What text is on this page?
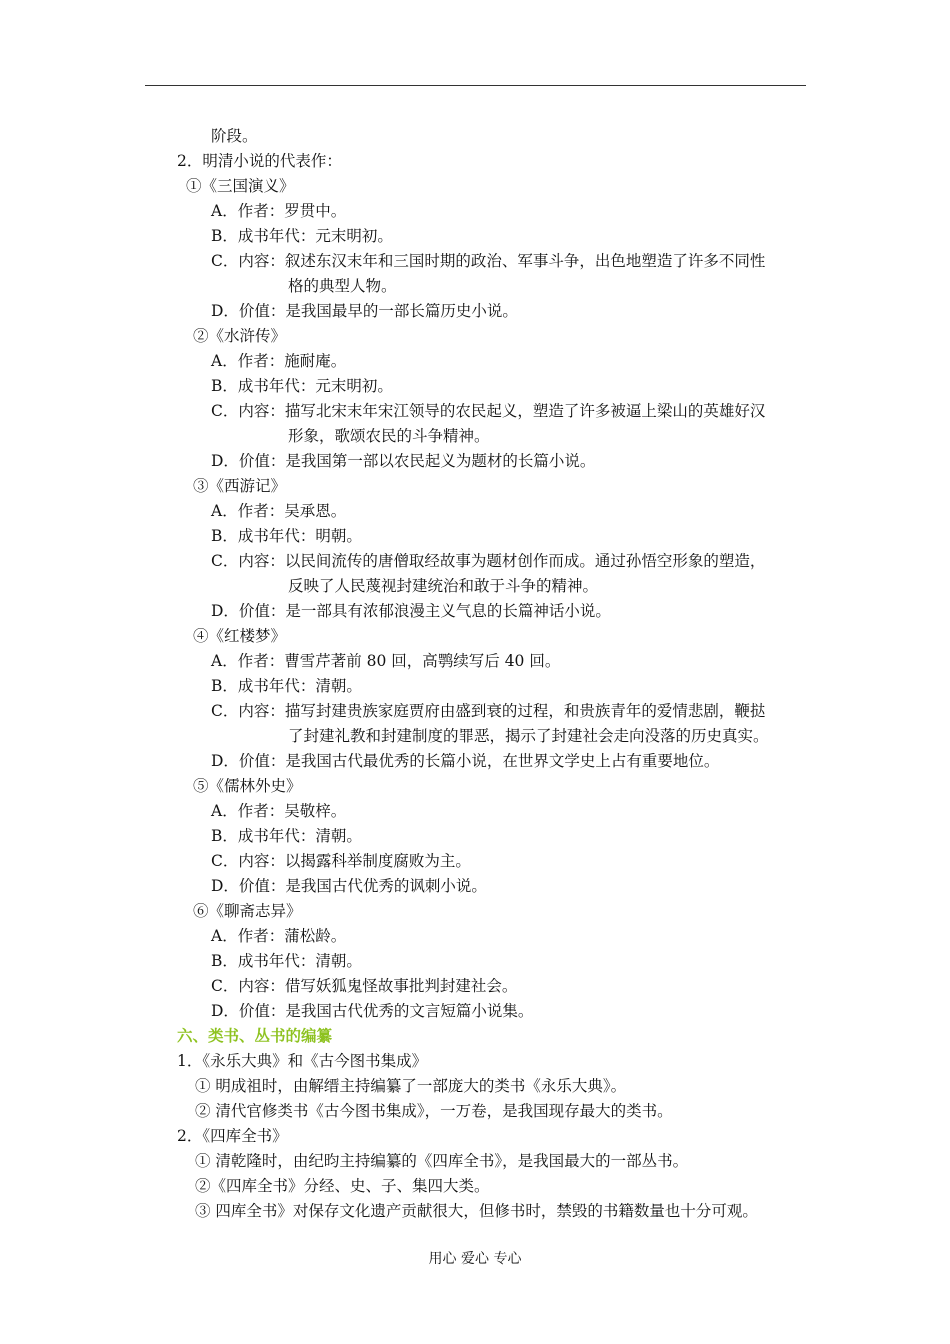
阶段。
2．明清小说的代表作：
①《三国演义》
A．作者：罗贯中。
B．成书年代：元末明初。
C．内容：叙述东汉末年和三国时期的政治、军事斗争，出色地塑造了许多不同性
格的典型人物。
D．价值：是我国最早的一部长篇历史小说。
②《水浒传》
A．作者：施耐庵。
B．成书年代：元末明初。
C．内容：描写北宋末年宋江领导的农民起义，塑造了许多被逼上梁山的英雄好汉
形象，歌颂农民的斗争精神。
D．价值：是我国第一部以农民起义为题材的长篇小说。
③《西游记》
A．作者：吴承恩。
B．成书年代：明朝。
C．内容：以民间流传的唐僧取经故事为题材创作而成。通过孙悟空形象的塑造，
反映了人民蔑视封建统治和敢于斗争的精神。
D．价值：是一部具有浓郁浪漫主义气息的长篇神话小说。
④《红楼梦》
A．作者：曹雪芹著前 80 回，高鹗续写后 40 回。
B．成书年代：清朝。
C．内容：描写封建贵族家庭贾府由盛到衰的过程，和贵族青年的爱情悲剧，鞭挞
了封建礼教和封建制度的罪恶，揭示了封建社会走向没落的历史真实。
D．价值：是我国古代最优秀的长篇小说，在世界文学史上占有重要地位。
⑤《儒林外史》
A．作者：吴敬梓。
B．成书年代：清朝。
C．内容：以揭露科举制度腐败为主。
D．价值：是我国古代优秀的讽刺小说。
⑥《聊斋志异》
A．作者：蒲松龄。
B．成书年代：清朝。
C．内容：借写妖狐鬼怪故事批判封建社会。
D．价值：是我国古代优秀的文言短篇小说集。
六、类书、丛书的编纂
1．《永乐大典》和《古今图书集成》
① 明成祖时，由解缙主持编纂了一部庞大的类书《永乐大典》。
② 清代官修类书《古今图书集成》，一万卷，是我国现存最大的类书。
2．《四库全书》
① 清乾隆时，由纪昀主持编纂的《四库全书》，是我国最大的一部丛书。
②《四库全书》分经、史、子、集四大类。
③ 四库全书》对保存文化遗产贡献很大，但修书时，禁毁的书籍数量也十分可观。
用心 爱心 专心
